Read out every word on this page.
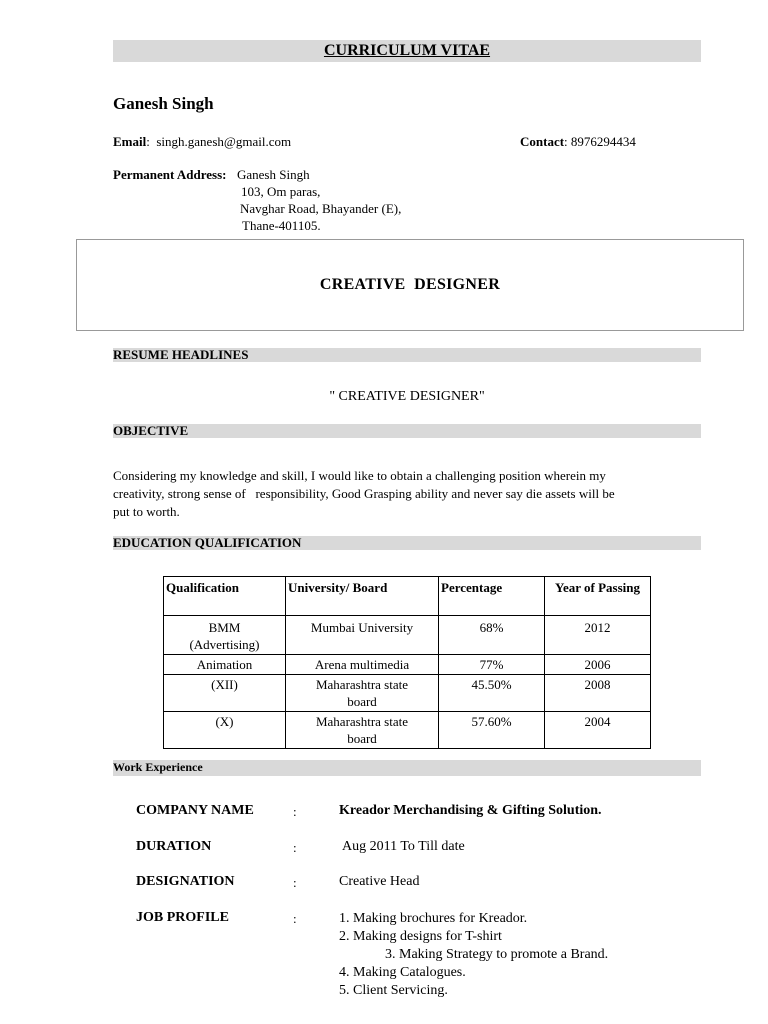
CURRICULUM VITAE
Ganesh Singh
Email:  singh.ganesh@gmail.com	Contact: 8976294434
Permanent Address: Ganesh Singh
103, Om paras,
Navghar Road, Bhayander (E),
Thane-401105.
CREATIVE  DESIGNER
RESUME HEADLINES
" CREATIVE DESIGNER"
OBJECTIVE
Considering my knowledge and skill, I would like to obtain a challenging position wherein my
creativity, strong sense of   responsibility, Good Grasping ability and never say die assets will be
put to worth.
EDUCATION QUALIFICATION
Qualification	University/ Board	Percentage	Year of Passing
BMM (Advertising)	Mumbai University	68%	2012
Animation	Arena multimedia	77%	2006
(XII)	Maharashtra state board	45.50%	2008
(X)	Maharashtra state board	57.60%	2004
Work Experience
COMPANY NAME	:	Kreador Merchandising & Gifting Solution.
DURATION	:	Aug 2011 To Till date
DESIGNATION	:	Creative Head
JOB PROFILE	:	1. Making brochures for Kreador.
2. Making designs for T-shirt
3. Making Strategy to promote a Brand.
4. Making Catalogues.
5. Client Servicing.
